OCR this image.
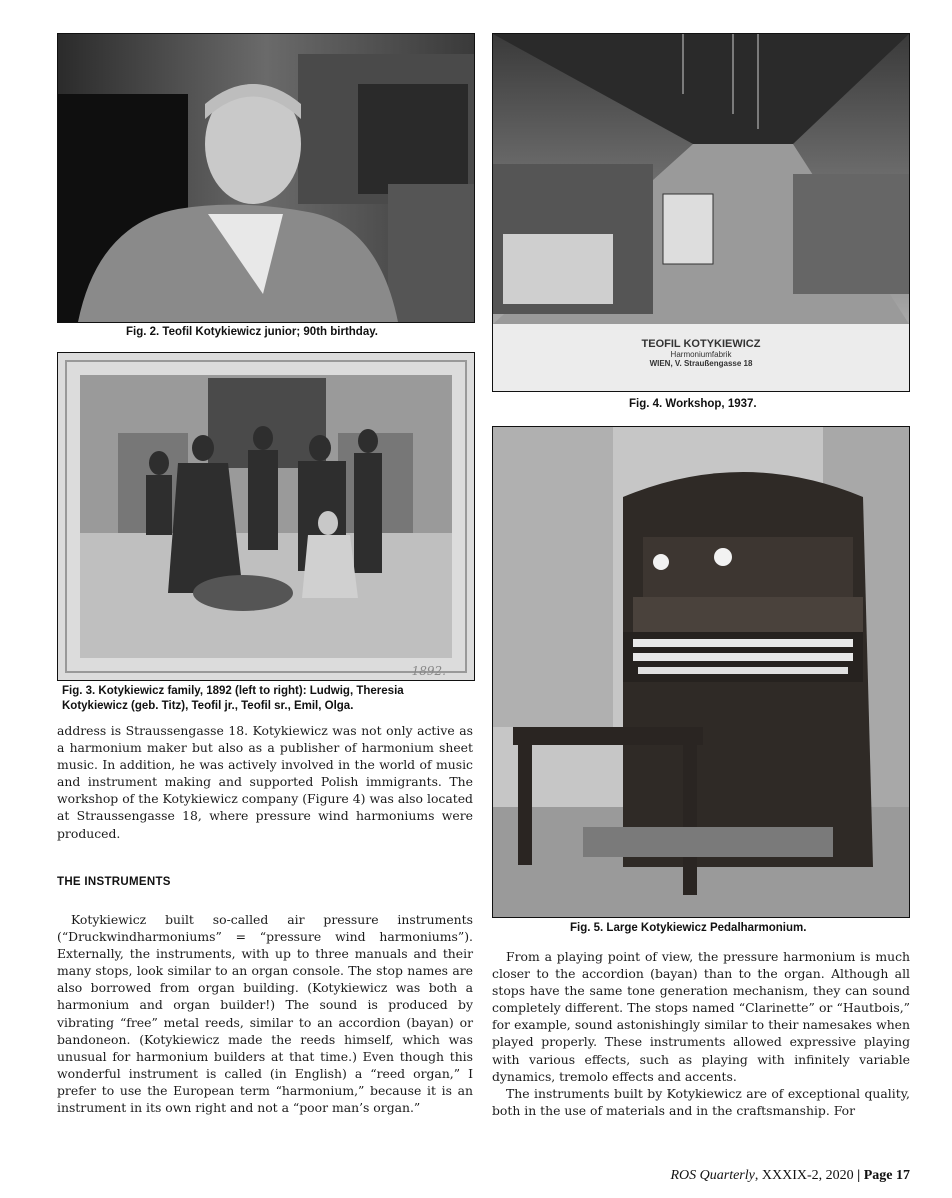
Fig. 2. Teofil Kotykiewicz junior; 90th birthday.
1892.
Fig. 3. Kotykiewicz family, 1892 (left to right): Ludwig, Theresia
Kotykiewicz (geb. Titz), Teofil jr., Teofil sr., Emil, Olga.

address is Straussengasse 18. Kotykiewicz was not only active as a harmonium maker but also as a publisher of harmonium sheet music. In addition, he was actively involved in the world of music and instrument making and supported Polish immigrants. The workshop of the Kotykiewicz company (Figure 4) was also located at Straussengasse 18, where pressure wind harmoniums were produced.

THE INSTRUMENTS

Kotykiewicz built so-called air pressure instruments (“Druckwindharmoniums” = “pressure wind harmoniums”). Externally, the instruments, with up to three manuals and their many stops, look similar to an organ console. The stop names are also borrowed from organ building. (Kotykiewicz was both a harmonium and organ builder!) The sound is produced by vibrating “free” metal reeds, similar to an accordion (bayan) or bandoneon. (Kotykiewicz made the reeds himself, which was unusual for harmonium builders at that time.) Even though this wonderful instrument is called (in English) a “reed organ,” I prefer to use the European term “harmonium,” because it is an instrument in its own right and not a “poor man’s organ.”

TEOFIL KOTYKIEWICZ
Harmoniumfabrik
WIEN, V. Straußengasse 18
Fig. 4. Workshop, 1937.
Fig. 5. Large Kotykiewicz Pedalharmonium.

From a playing point of view, the pressure harmonium is much closer to the accordion (bayan) than to the organ. Although all stops have the same tone generation mechanism, they can sound completely different. The stops named “Clarinette” or “Hautbois,” for example, sound astonishingly similar to their namesakes when played properly. These instruments allowed expressive playing with various effects, such as playing with infinitely variable dynamics, tremolo effects and accents.

The instruments built by Kotykiewicz are of exceptional quality, both in the use of materials and in the craftsmanship. For

ROS Quarterly, XXXIX-2, 2020 | Page 17
